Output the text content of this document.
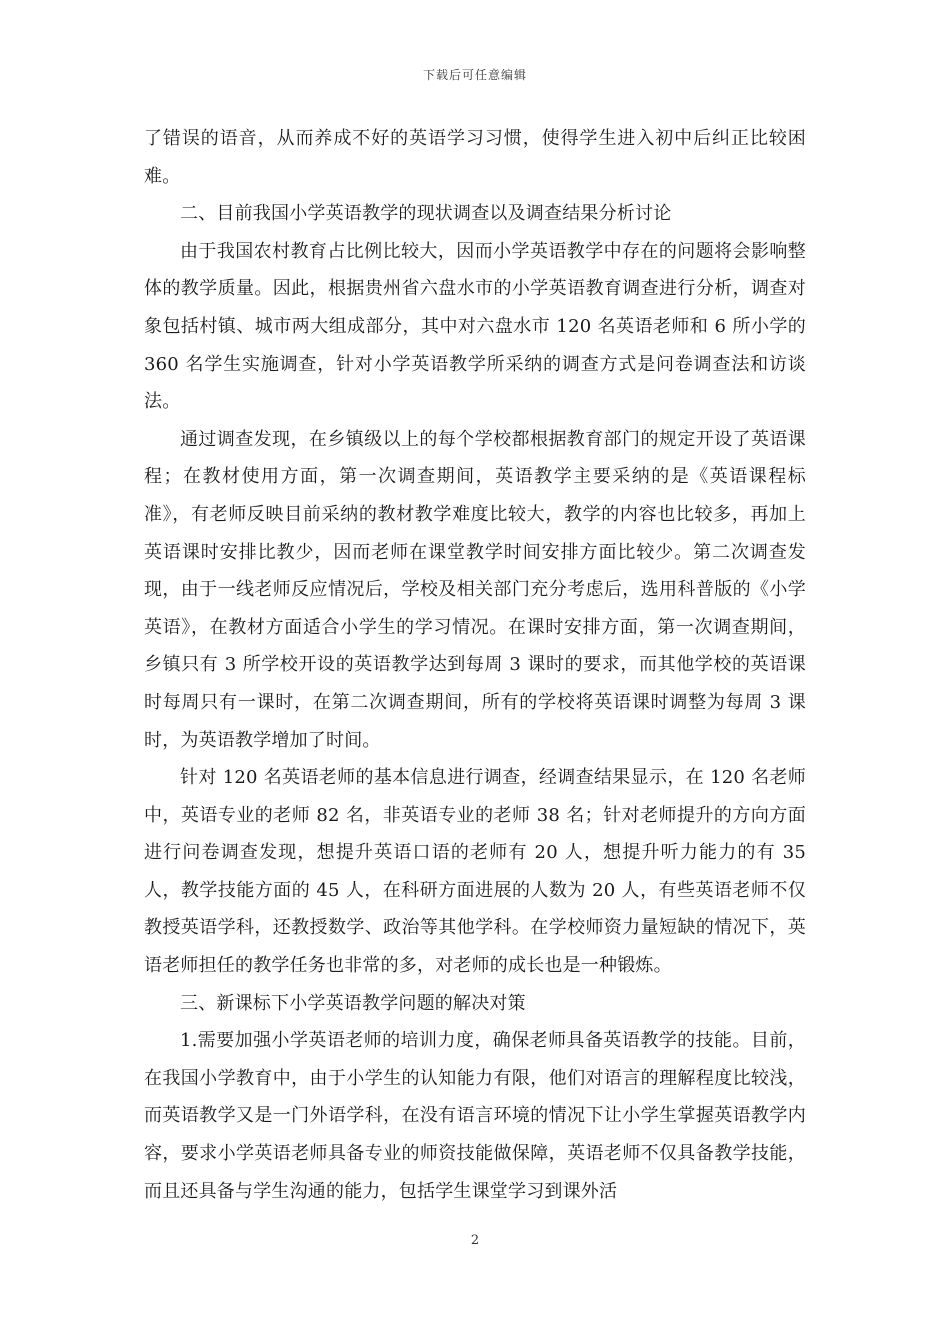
下载后可任意编辑

了错误的语音，从而养成不好的英语学习习惯，使得学生进入初中后纠正比较困难。

二、目前我国小学英语教学的现状调查以及调查结果分析讨论

由于我国农村教育占比例比较大，因而小学英语教学中存在的问题将会影响整体的教学质量。因此，根据贵州省六盘水市的小学英语教育调查进行分析，调查对象包括村镇、城市两大组成部分，其中对六盘水市 120 名英语老师和 6 所小学的 360 名学生实施调查，针对小学英语教学所采纳的调查方式是问卷调查法和访谈法。

通过调查发现，在乡镇级以上的每个学校都根据教育部门的规定开设了英语课程；在教材使用方面，第一次调查期间，英语教学主要采纳的是《英语课程标准》，有老师反映目前采纳的教材教学难度比较大，教学的内容也比较多，再加上英语课时安排比教少，因而老师在课堂教学时间安排方面比较少。第二次调查发现，由于一线老师反应情况后，学校及相关部门充分考虑后，选用科普版的《小学英语》，在教材方面适合小学生的学习情况。在课时安排方面，第一次调查期间，乡镇只有 3 所学校开设的英语教学达到每周 3 课时的要求，而其他学校的英语课时每周只有一课时，在第二次调查期间，所有的学校将英语课时调整为每周 3 课时，为英语教学增加了时间。

针对 120 名英语老师的基本信息进行调查，经调查结果显示，在 120 名老师中，英语专业的老师 82 名，非英语专业的老师 38 名；针对老师提升的方向方面进行问卷调查发现，想提升英语口语的老师有 20 人，想提升听力能力的有 35 人，教学技能方面的 45 人，在科研方面进展的人数为 20 人，有些英语老师不仅教授英语学科，还教授数学、政治等其他学科。在学校师资力量短缺的情况下，英语老师担任的教学任务也非常的多，对老师的成长也是一种锻炼。

三、新课标下小学英语教学问题的解决对策

1.需要加强小学英语老师的培训力度，确保老师具备英语教学的技能。目前，在我国小学教育中，由于小学生的认知能力有限，他们对语言的理解程度比较浅，而英语教学又是一门外语学科，在没有语言环境的情况下让小学生掌握英语教学内容，要求小学英语老师具备专业的师资技能做保障，英语老师不仅具备教学技能，而且还具备与学生沟通的能力，包括学生课堂学习到课外活

2
